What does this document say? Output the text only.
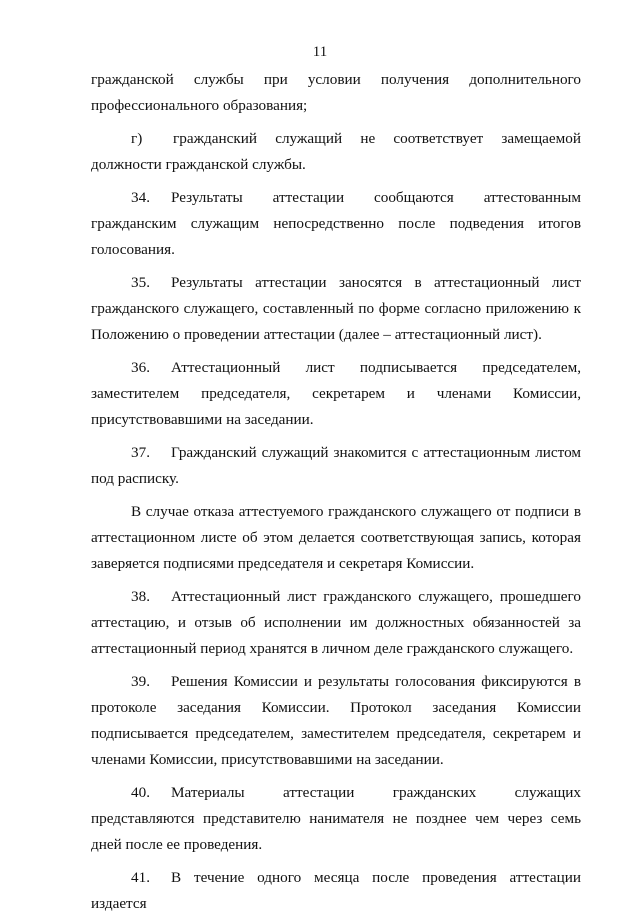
11

гражданской службы при условии получения дополнительного профессионального образования;

г) гражданский служащий не соответствует замещаемой должности гражданской службы.

34. Результаты аттестации сообщаются аттестованным гражданским служащим непосредственно после подведения итогов голосования.

35. Результаты аттестации заносятся в аттестационный лист гражданского служащего, составленный по форме согласно приложению к Положению о проведении аттестации (далее – аттестационный лист).

36. Аттестационный лист подписывается председателем, заместителем председателя, секретарем и членами Комиссии, присутствовавшими на заседании.

37. Гражданский служащий знакомится с аттестационным листом под расписку.

В случае отказа аттестуемого гражданского служащего от подписи в аттестационном листе об этом делается соответствующая запись, которая заверяется подписями председателя и секретаря Комиссии.

38. Аттестационный лист гражданского служащего, прошедшего аттестацию, и отзыв об исполнении им должностных обязанностей за аттестационный период хранятся в личном деле гражданского служащего.

39. Решения Комиссии и результаты голосования фиксируются в протоколе заседания Комиссии. Протокол заседания Комиссии подписывается председателем, заместителем председателя, секретарем и членами Комиссии, присутствовавшими на заседании.

40. Материалы аттестации гражданских служащих представляются представителю нанимателя не позднее чем через семь дней после ее проведения.

41. В течение одного месяца после проведения аттестации издается
